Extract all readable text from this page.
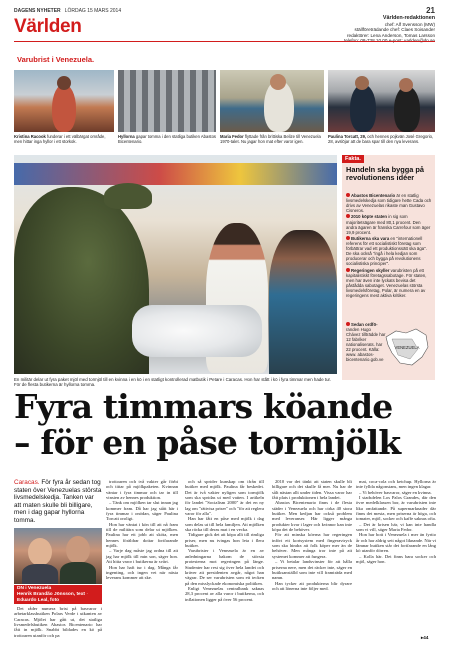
DAGENS NYHETER LÖRDAG 15 MARS 2014	21
Världen	Världen-redaktionen
chef: Alf Svensson (MW)
ställföreträdande chef: Claes Soisander
redaktörer: Lena Anderson, Tomas Larsson
Varubrist i Venezuela.
Kristina Racook funderar i ett välbärgat område, men hittar inga hyllor i ett storkok.
Hyllorna gapar tomma i den statliga butiken Abastos Bicentenario.
Maria Fedor flyttade från brittiska Belize till Venezuela 1970-talet. Nu jagar hon mat efter varor igen.
Paulina Torcatt, 29, och hennes pojkvän José Gregorio, 28, avslöjar att de bara spar till den nya leverans.
En militär delar ut fyra paket mjöl med tormjöl till en kvinna i en kö i en statligt kontrollerad matbutik i Petare i Caracas. Hon har stått i kö i fyra timmar men hade tur. För de flesta butikerna är hyllorna tomma.
Fakta.
Handeln ska bygga på revolutionens idéer

Abastos Bicentenario är en statlig livsmedelskedja som tidigare hette Cada och drivs av Venezuelas rikaste man Gustavo Cisneros.

2010 köpte staten in sig som majoritetsägare med 80,1 procent. Den andra ägaren är franska Carrefour som äger 19,9 procent.

Butikerna ska vara en "internationell referens för ett socialistiskt företag som förbättrar vad ett produktionssätt ska äga". De ska också "ingå i hela kedjan som producerar och bygga på revolutionens socialistiska principer".

Regeringen skyller varubristen på ett kapitalistiskt företagssabotage. För staten, men har även inte lyckats bevisa det påstådda sabotaget. Venezuelas största livsmedelsföretag, Polar, är numera en av regeringens mest aktiva kritiker.

Sedan ordfö-randen Hugo Chávez tillträdde har 12 fabriker nationaliserats. har 22 procent. Källa: www. abastos-bicentenario.gob.ve
VENEZUELA
Fyra timmars köande
– för en påse tormjölk
Caracas. För fyra år sedan tog staten över Venezuelas största livsmedelskedja. Tanken var att maten skulle bli billigare, men i dag gapar hyllorna tomma.
DN i Venezuela
Henrik Brandão Jönsson, text · Eduardo Leal, foto

Det råder numera brist på basvaror i arbetarklassbutiken Polars Verde i utkanten av Caracas. Mjölet har gått ut, det statliga livsmedelsbutiken Abastos Bicentenario har fått in mjölk. Snabbt bildades en kö på trottoaren utanför och pa

trottoaren och två vakter går förbi och tittar på mjölkpaketen. Kvinnan väntar i fyra timmar och tar in till vinsten av hennes produktion.

– Tänk om mjölken tar slut innan jag kommer fram. Då har jag stått här i fyra timmar i onödan, säger Paulina Torcatt oroligt.

Hon har väntat i kön till att nå fram till de militära som delar ut mjölken. Paulina har ett jobb att sköta, men hennes föräldrar dottar fortfarande mjölk.

– Varje dag måste jag ordna till att jag har mjölk till min son, säger hon. Att hitta varor i butikerna är svårt.

Hon har haft tur i dag. Många får ingenting, och ingen vet när nästa leverans kommer att ske.

och så sprider kunskap om ifrån till butiker med mjölk. Paulina får beskedet. Det är två vakter nyligen som tormjölk som ska spridas ut med vatten. I artikeln för landet "Socialism 2000" är det en ny lag om "rättvisa priser" och "för att reglera varor för alla".

Han har fått en påse med mjölk i dag som delas ut till hela familjen. Att mjölken ska räcka till deras mat i en vecka.

Tidigare gick det att köpa allt till rimliga priser, men nu tvingas hon leta i flera butiker.

Varubrister i Venezuela är en av anledningarna bakom de största protesterna mot regeringen på länge. Studenter har rest sig över hela landet och kräver att presidenten avgår, något han vägrar. De ser varubristen som ett tecken på den misslyckade ekonomiska politiken.

Enligt Venezuelas centralbank saknas 28,3 procent av alla varor i butikerna, och inflationen ligger på över 56 procent.

2010 var det tänkt att staten skulle bli billigare och det skulle få mer. Nu har de sålt nästan allt under tiden. Vissa varor har fått plats i produktionen i hela landet.

Abastos Bicentenario finns i de flesta städer i Venezuela och har cirka 40 stora butiker. Men kedjan har också problem med leveranser. Här ligger många produkter kvar i lager och kvinnor kan inte köpa det de behöver.

För att minska köerna har regeringen infört ett kortsystem med fingeravtryck som ska hindra att folk köper mer än de behöver. Men många tror inte på att systemet kommer att fungera.

– Vi betalar landsvinster för att hålla priserna nere, men det räcker inte, säger en butiksanställd som inte vill framträda med namn.

Han tycker att produkterna blir dyrare och att lönerna inte följer med.

mat, coca-cola och ketchup. Hyllorna är inte fyllda någonstans, men ingen klagar.

– Vi behöver basvaror, säger en kvinna.

I stadsdelen Los Palos Grandes, där den övre medelklassen bor, är varubristen inte lika omfattande. På supermarknader där finns det mesta, men priserna är höga, och tomater, mjöl, socker och kaffe saknas ofta.

– Det är krisen här, vi kan inte handla som vi vill, säger Maria Fedor.

Hon har bott i Venezuela i mer än fyrtio år och har aldrig sett något liknande. När vi lämnar butiken står det fortfarande en lång kö utanför dörren.

– Kolla här. Det finns bara socker och mjöl, säger hon.

▸44
